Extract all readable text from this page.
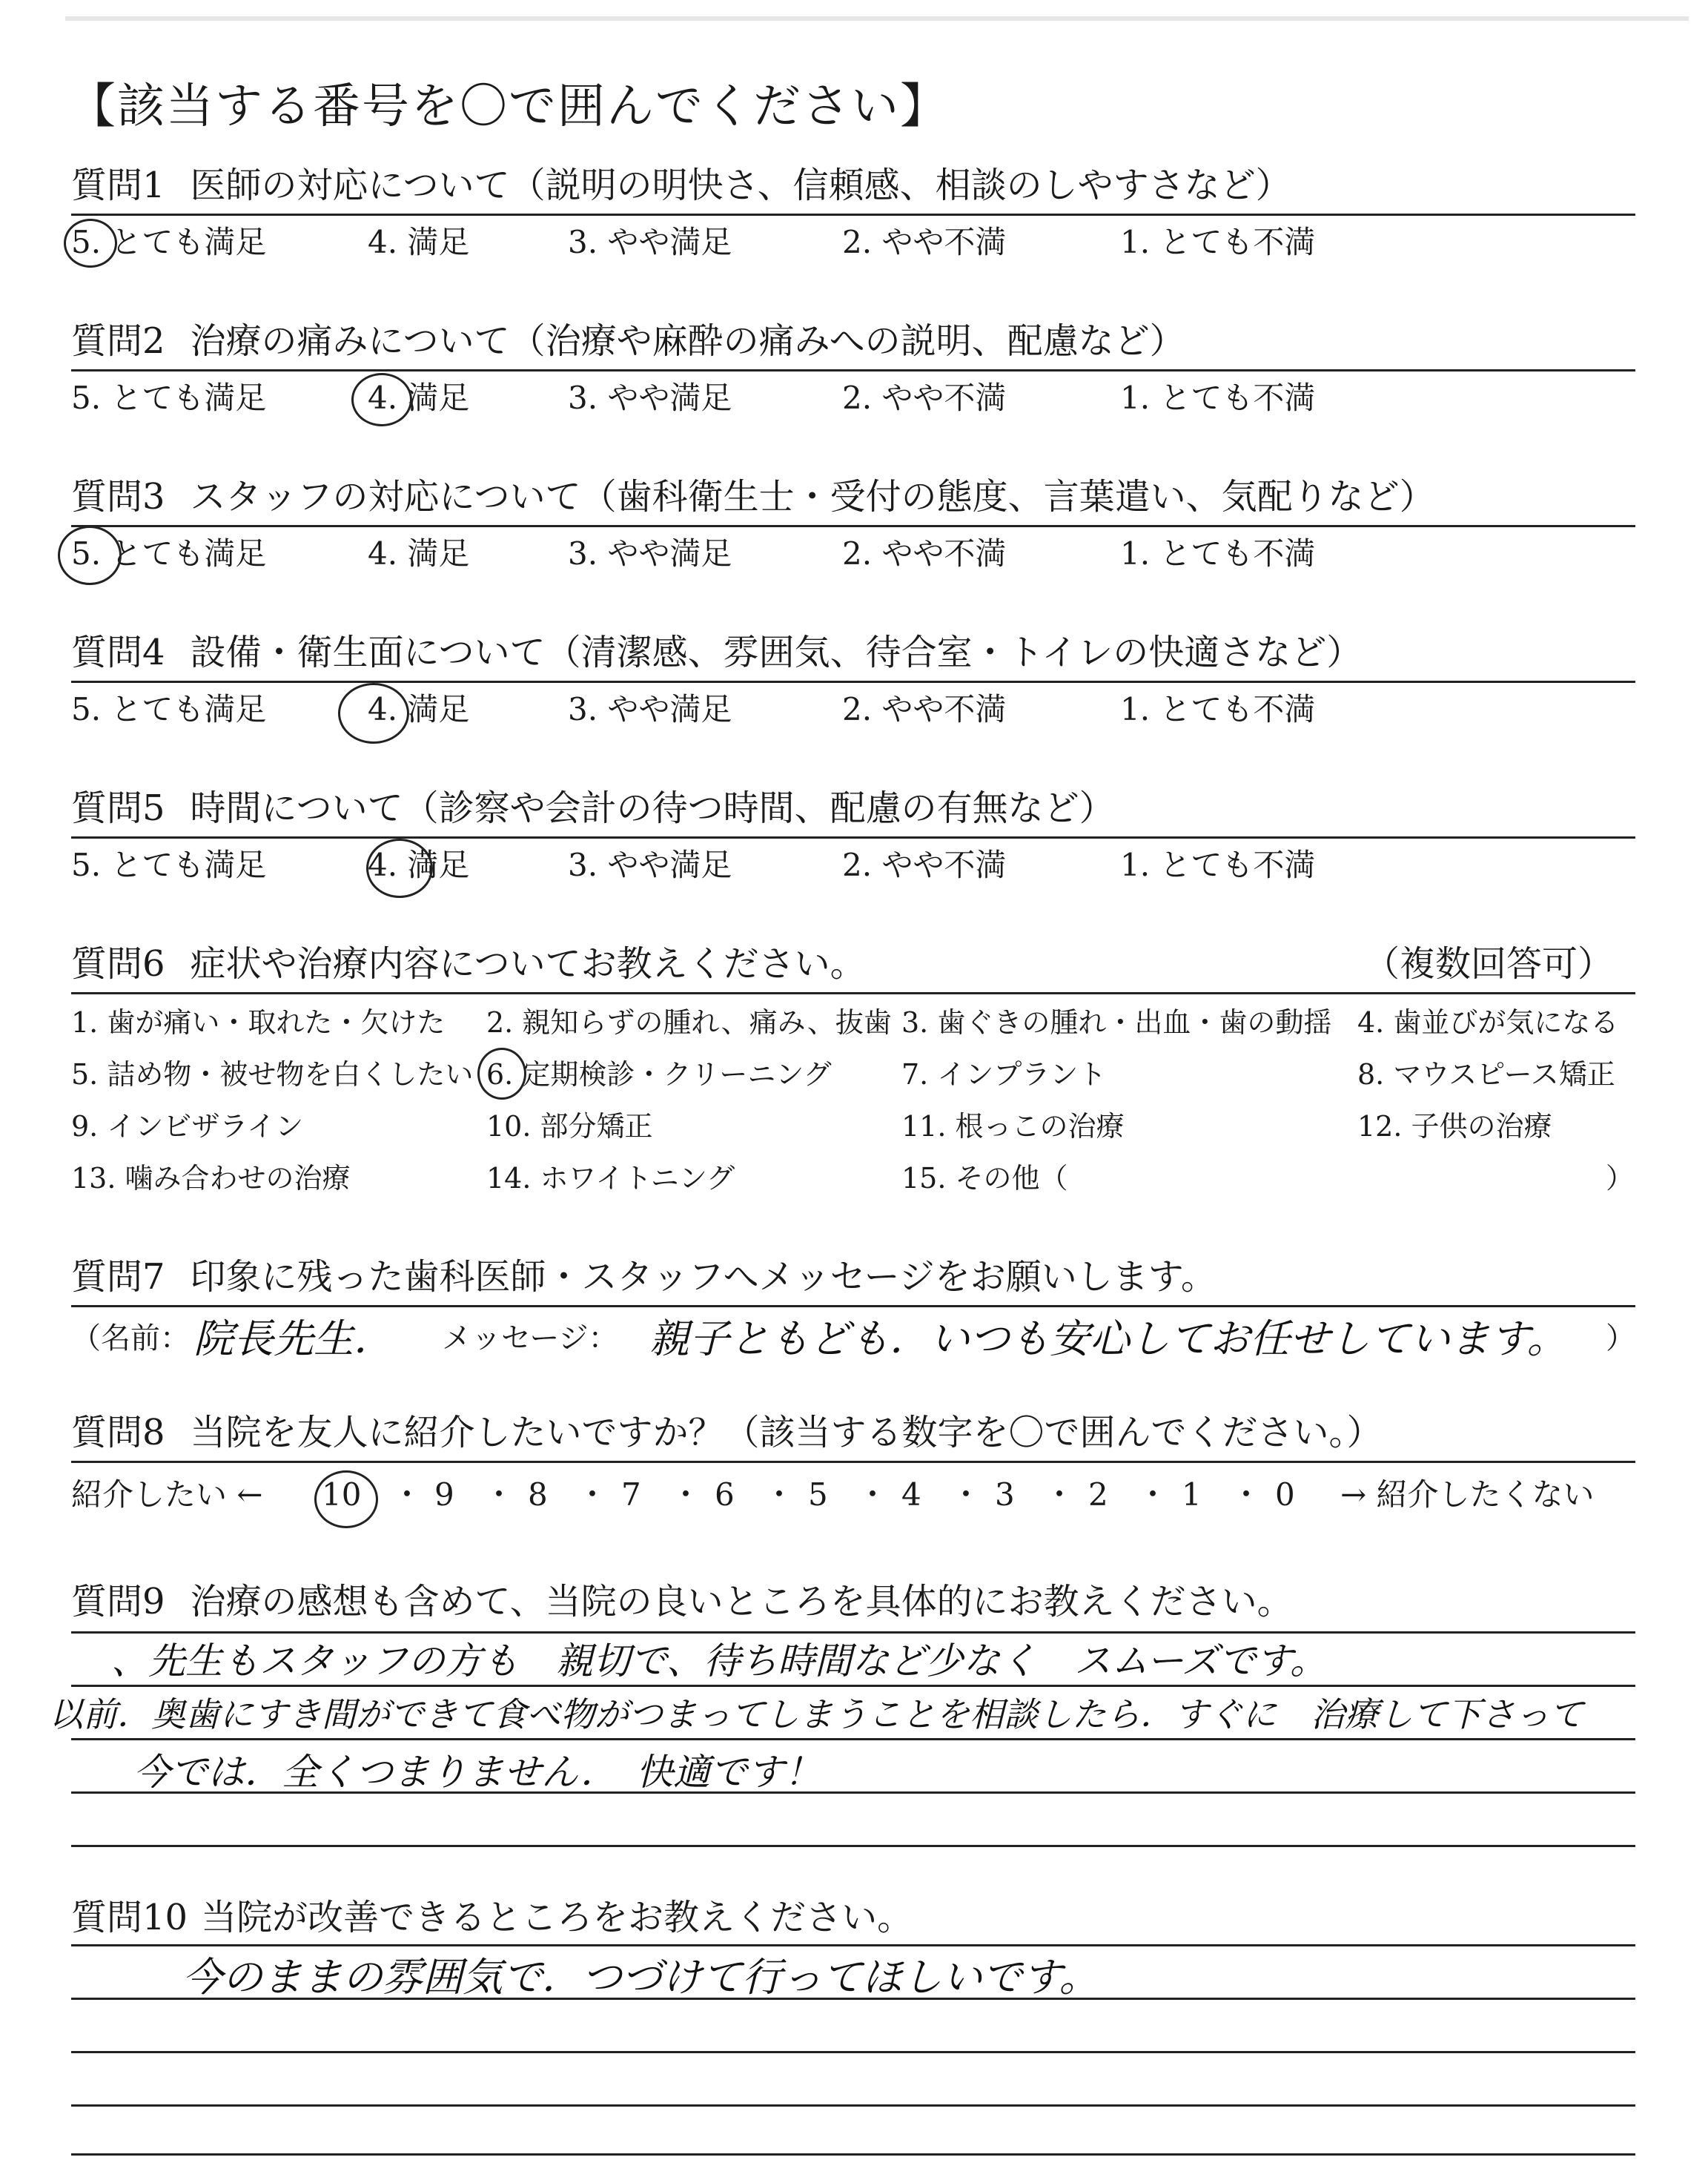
【該当する番号を〇で囲んでください】
質問1 医師の対応について（説明の明快さ、信頼感、相談のしやすさなど）
5. とても満足	4. 満足	3. やや満足	2. やや不満	1. とても不満
質問2 治療の痛みについて（治療や麻酔の痛みへの説明、配慮など）
5. とても満足	4. 満足	3. やや満足	2. やや不満	1. とても不満
質問3 スタッフの対応について（歯科衛生士・受付の態度、言葉遣い、気配りなど）
5. とても満足	4. 満足	3. やや満足	2. やや不満	1. とても不満
質問4 設備・衛生面について（清潔感、雰囲気、待合室・トイレの快適さなど）
5. とても満足	4. 満足	3. やや満足	2. やや不満	1. とても不満
質問5 時間について（診察や会計の待つ時間、配慮の有無など）
5. とても満足	4. 満足	3. やや満足	2. やや不満	1. とても不満
質問6 症状や治療内容についてお教えください。	（複数回答可）
1. 歯が痛い・取れた・欠けた 2. 親知らずの腫れ、痛み、抜歯 3. 歯ぐきの腫れ・出血・歯の動揺 4. 歯並びが気になる
5. 詰め物・被せ物を白くしたい 6. 定期検診・クリーニング 7. インプラント	8. マウスピース矯正
9. インビザライン	10. 部分矯正	11. 根っこの治療	12. 子供の治療
13. 噛み合わせの治療	14. ホワイトニング	15. その他（	）
質問7 印象に残った歯科医師・スタッフへメッセージをお願いします。
（名前： 院長先生． メッセージ： 親子ともども．いつも安心してお任せしています。 ）
質問8 当院を友人に紹介したいですか？（該当する数字を〇で囲んでください。）
紹介したい ← 10 ・ 9 ・ 8 ・ 7 ・ 6 ・ 5 ・ 4 ・ 3 ・ 2 ・ 1 ・ 0 → 紹介したくない
質問9 治療の感想も含めて、当院の良いところを具体的にお教えください。
、先生もスタッフの方も　親切で、待ち時間など少なく　スムーズです。
以前．奥歯にすき間ができて食べ物がつまってしまうことを相談したら．すぐに　治療して下さって
今では．全くつまりません．　快適です！
質問10 当院が改善できるところをお教えください。
今のままの雰囲気で．つづけて行ってほしいです。
